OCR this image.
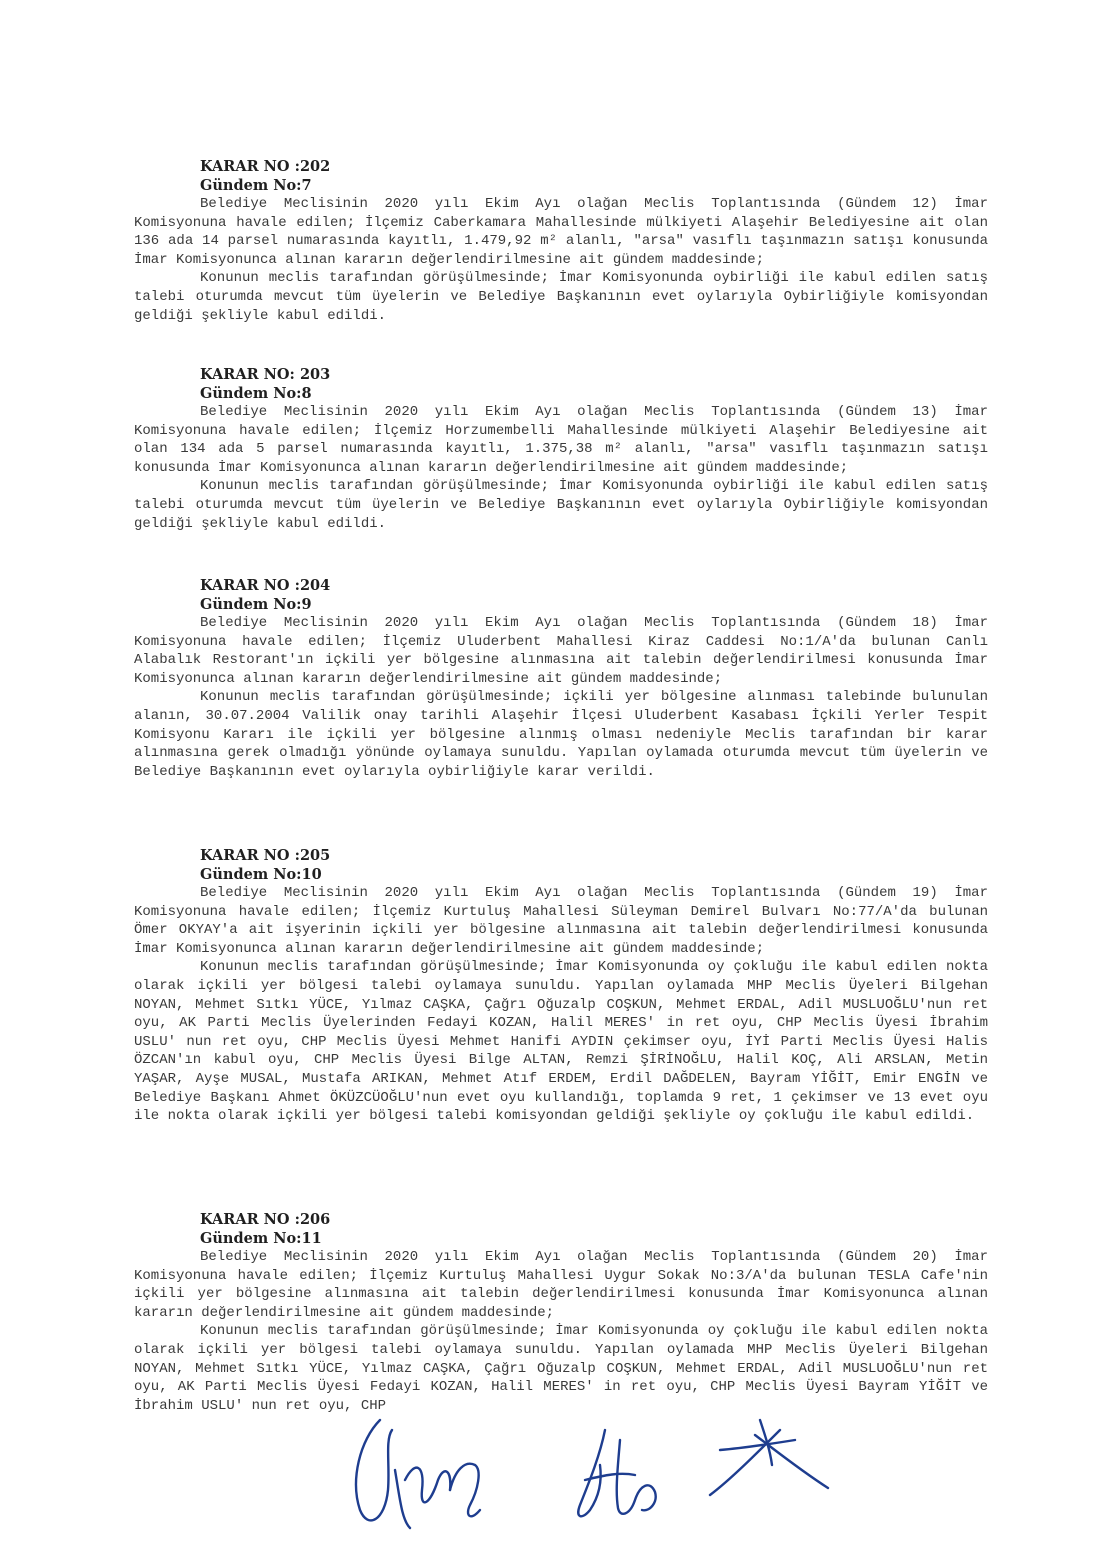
KARAR NO :202
Gündem No:7

Belediye Meclisinin 2020 yılı Ekim Ayı olağan Meclis Toplantısında (Gündem 12) İmar Komisyonuna havale edilen; İlçemiz Caberkamara Mahallesinde mülkiyeti Alaşehir Belediyesine ait olan 136 ada 14 parsel numarasında kayıtlı, 1.479,92 m² alanlı, "arsa" vasıflı taşınmazın satışı konusunda İmar Komisyonunca alınan kararın değerlendirilmesine ait gündem maddesinde;

Konunun meclis tarafından görüşülmesinde; İmar Komisyonunda oybirliği ile kabul edilen satış talebi oturumda mevcut tüm üyelerin ve Belediye Başkanının evet oylarıyla Oybirliğiyle komisyondan geldiği şekliyle kabul edildi.

KARAR NO: 203
Gündem No:8

Belediye Meclisinin 2020 yılı Ekim Ayı olağan Meclis Toplantısında (Gündem 13) İmar Komisyonuna havale edilen; İlçemiz Horzumembelli Mahallesinde mülkiyeti Alaşehir Belediyesine ait olan 134 ada 5 parsel numarasında kayıtlı, 1.375,38 m² alanlı, "arsa" vasıflı taşınmazın satışı konusunda İmar Komisyonunca alınan kararın değerlendirilmesine ait gündem maddesinde;

Konunun meclis tarafından görüşülmesinde; İmar Komisyonunda oybirliği ile kabul edilen satış talebi oturumda mevcut tüm üyelerin ve Belediye Başkanının evet oylarıyla Oybirliğiyle komisyondan geldiği şekliyle kabul edildi.

KARAR NO :204
Gündem No:9

Belediye Meclisinin 2020 yılı Ekim Ayı olağan Meclis Toplantısında (Gündem 18) İmar Komisyonuna havale edilen; İlçemiz Uluderbent Mahallesi Kiraz Caddesi No:1/A'da bulunan Canlı Alabalık Restorant'ın içkili yer bölgesine alınmasına ait talebin değerlendirilmesi konusunda İmar Komisyonunca alınan kararın değerlendirilmesine ait gündem maddesinde;

Konunun meclis tarafından görüşülmesinde; içkili yer bölgesine alınması talebinde bulunulan alanın, 30.07.2004 Valilik onay tarihli Alaşehir İlçesi Uluderbent Kasabası İçkili Yerler Tespit Komisyonu Kararı ile içkili yer bölgesine alınmış olması nedeniyle Meclis tarafından bir karar alınmasına gerek olmadığı yönünde oylamaya sunuldu. Yapılan oylamada oturumda mevcut tüm üyelerin ve Belediye Başkanının evet oylarıyla oybirliğiyle karar verildi.

KARAR NO :205
Gündem No:10

Belediye Meclisinin 2020 yılı Ekim Ayı olağan Meclis Toplantısında (Gündem 19) İmar Komisyonuna havale edilen; İlçemiz Kurtuluş Mahallesi Süleyman Demirel Bulvarı No:77/A'da bulunan Ömer OKYAY'a ait işyerinin içkili yer bölgesine alınmasına ait talebin değerlendirilmesi konusunda İmar Komisyonunca alınan kararın değerlendirilmesine ait gündem maddesinde;

Konunun meclis tarafından görüşülmesinde; İmar Komisyonunda oy çokluğu ile kabul edilen nokta olarak içkili yer bölgesi talebi oylamaya sunuldu. Yapılan oylamada MHP Meclis Üyeleri Bilgehan NOYAN, Mehmet Sıtkı YÜCE, Yılmaz CAŞKA, Çağrı Oğuzalp COŞKUN, Mehmet ERDAL, Adil MUSLUOĞLU'nun ret oyu, AK Parti Meclis Üyelerinden Fedayi KOZAN, Halil MERES' in ret oyu, CHP Meclis Üyesi İbrahim USLU' nun ret oyu, CHP Meclis Üyesi Mehmet Hanifi AYDIN çekimser oyu, İYİ Parti Meclis Üyesi Halis ÖZCAN'ın kabul oyu, CHP Meclis Üyesi Bilge ALTAN, Remzi ŞİRİNOĞLU, Halil KOÇ, Ali ARSLAN, Metin YAŞAR, Ayşe MUSAL, Mustafa ARIKAN, Mehmet Atıf ERDEM, Erdil DAĞDELEN, Bayram YİĞİT, Emir ENGİN ve Belediye Başkanı Ahmet ÖKÜZCÜOĞLU'nun evet oyu kullandığı, toplamda 9 ret, 1 çekimser ve 13 evet oyu ile nokta olarak içkili yer bölgesi talebi komisyondan geldiği şekliyle oy çokluğu ile kabul edildi.

KARAR NO :206
Gündem No:11

Belediye Meclisinin 2020 yılı Ekim Ayı olağan Meclis Toplantısında (Gündem 20) İmar Komisyonuna havale edilen; İlçemiz Kurtuluş Mahallesi Uygur Sokak No:3/A'da bulunan TESLA Cafe'nin içkili yer bölgesine alınmasına ait talebin değerlendirilmesi konusunda İmar Komisyonunca alınan kararın değerlendirilmesine ait gündem maddesinde;

Konunun meclis tarafından görüşülmesinde; İmar Komisyonunda oy çokluğu ile kabul edilen nokta olarak içkili yer bölgesi talebi oylamaya sunuldu. Yapılan oylamada MHP Meclis Üyeleri Bilgehan NOYAN, Mehmet Sıtkı YÜCE, Yılmaz CAŞKA, Çağrı Oğuzalp COŞKUN, Mehmet ERDAL, Adil MUSLUOĞLU'nun ret oyu, AK Parti Meclis Üyesi Fedayi KOZAN, Halil MERES' in ret oyu, CHP Meclis Üyesi Bayram YİĞİT ve İbrahim USLU' nun ret oyu, CHP
